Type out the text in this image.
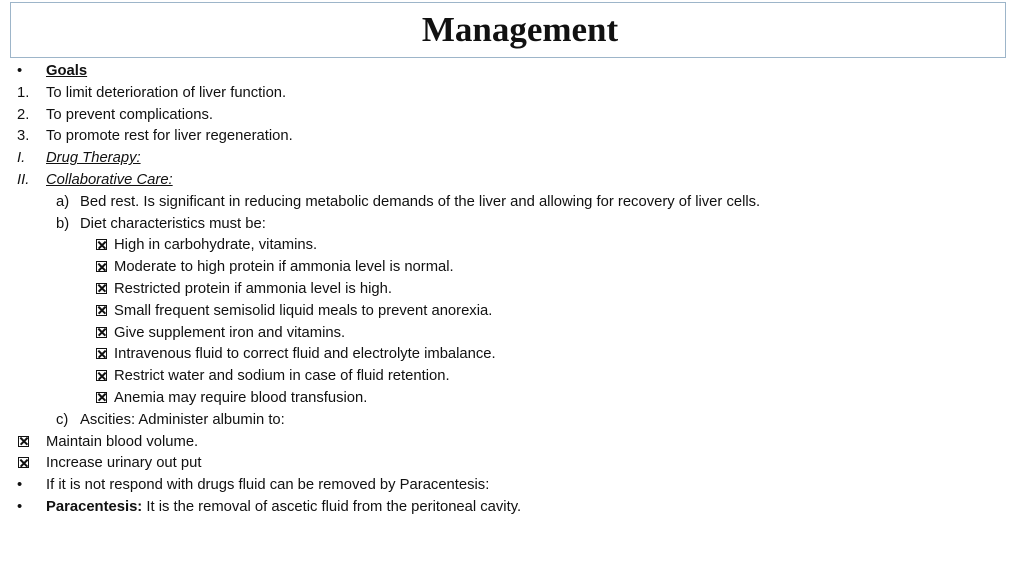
Management
• Goals
1. To limit deterioration of liver function.
2. To prevent complications.
3. To promote rest for liver regeneration.
I. Drug Therapy:
II. Collaborative Care:
a) Bed rest. Is significant in reducing metabolic demands of the liver and allowing for recovery of liver cells.
b) Diet characteristics must be:
High in carbohydrate, vitamins.
Moderate to high protein if ammonia level is normal.
Restricted protein if ammonia level is high.
Small frequent semisolid liquid meals to prevent anorexia.
Give supplement iron and vitamins.
Intravenous fluid to correct fluid and electrolyte imbalance.
Restrict water and sodium in case of fluid retention.
Anemia may require blood transfusion.
c) Ascities: Administer albumin to:
Maintain blood volume.
Increase urinary out put
• If it is not respond with drugs fluid can be removed by Paracentesis:
• Paracentesis: It is the removal of ascetic fluid from the peritoneal cavity.
